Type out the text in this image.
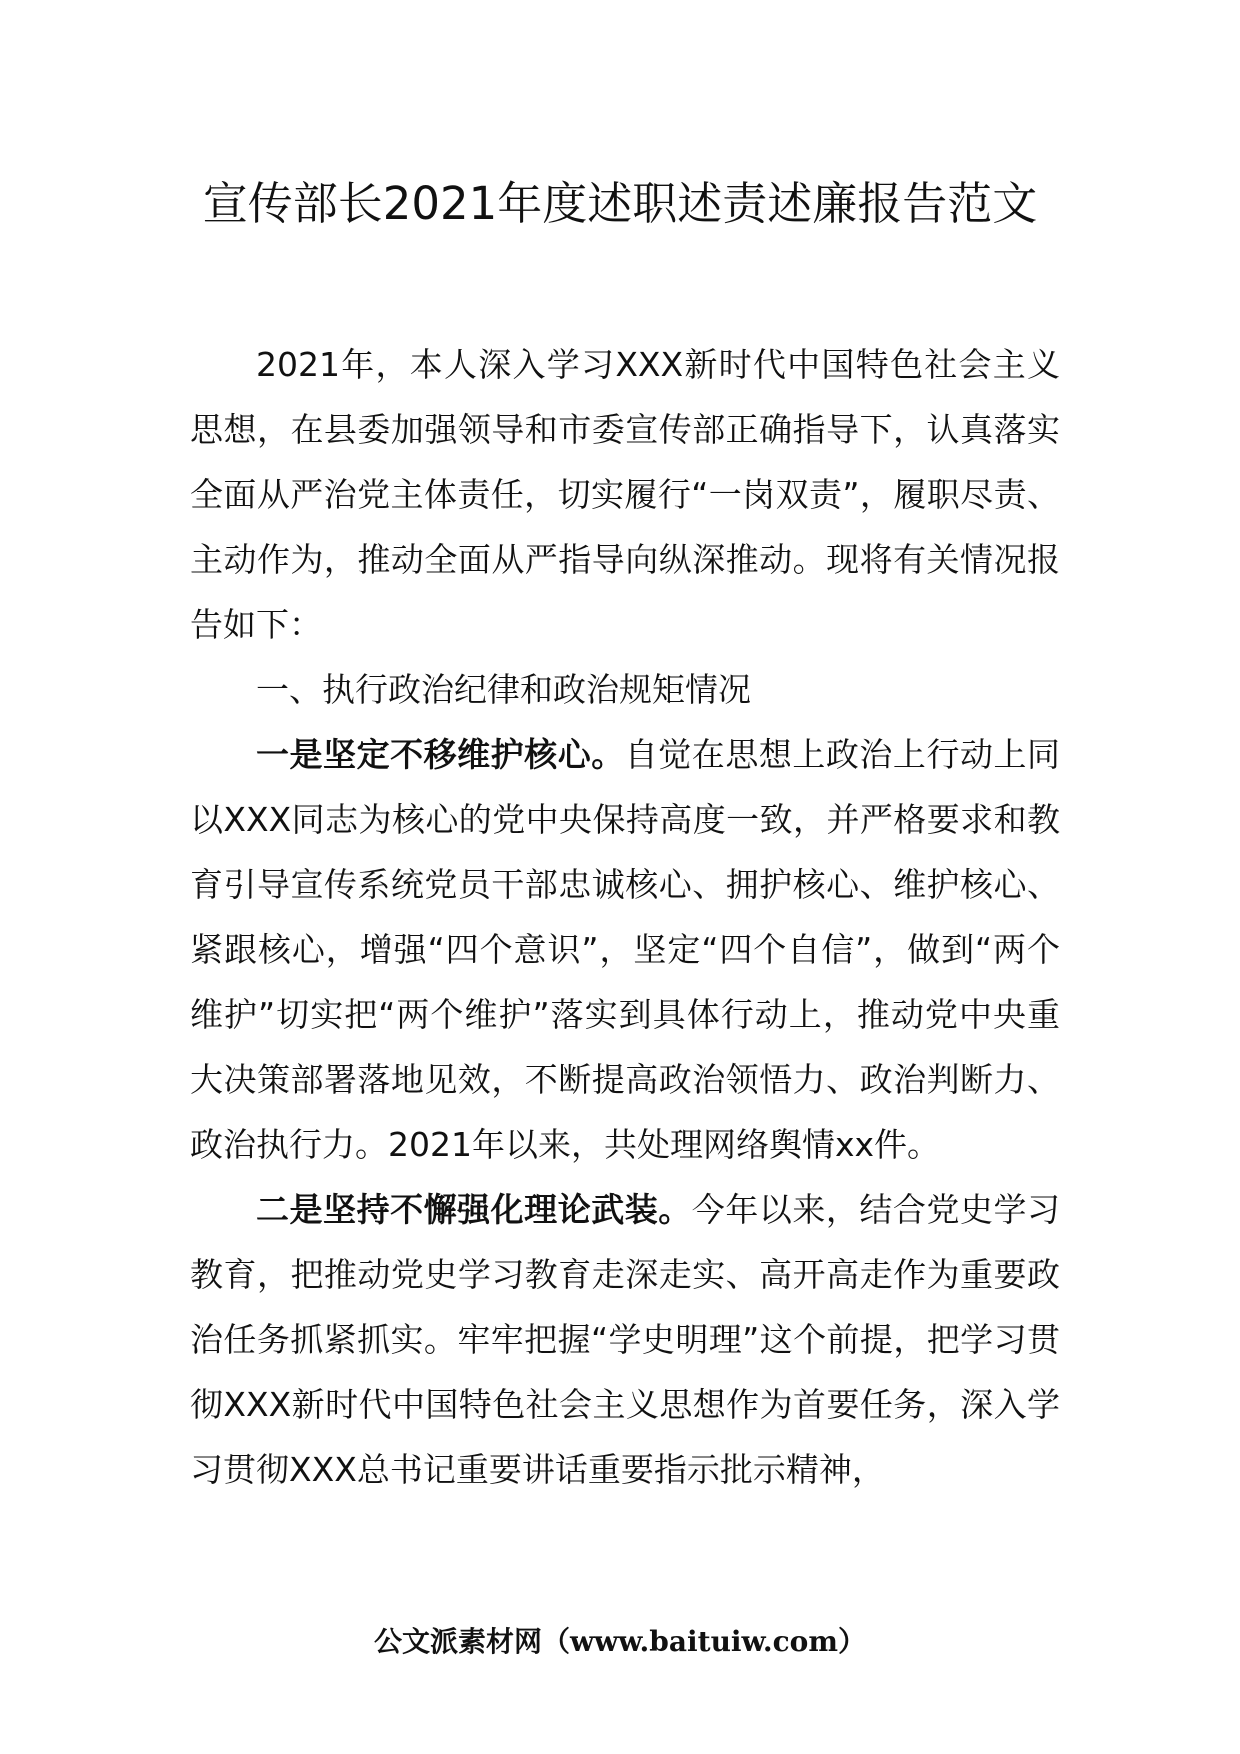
宣传部长2021年度述职述责述廉报告范文

2021年，本人深入学习XXX新时代中国特色社会主义思想，在县委加强领导和市委宣传部正确指导下，认真落实全面从严治党主体责任，切实履行“一岗双责”，履职尽责、主动作为，推动全面从严指导向纵深推动。现将有关情况报告如下：

一、执行政治纪律和政治规矩情况

一是坚定不移维护核心。自觉在思想上政治上行动上同以XXX同志为核心的党中央保持高度一致，并严格要求和教育引导宣传系统党员干部忠诚核心、拥护核心、维护核心、紧跟核心，增强“四个意识”，坚定“四个自信”，做到“两个维护”切实把“两个维护”落实到具体行动上，推动党中央重大决策部署落地见效，不断提高政治领悟力、政治判断力、政治执行力。2021年以来，共处理网络舆情xx件。

二是坚持不懈强化理论武装。今年以来，结合党史学习教育，把推动党史学习教育走深走实、高开高走作为重要政治任务抓紧抓实。牢牢把握“学史明理”这个前提，把学习贯彻XXX新时代中国特色社会主义思想作为首要任务，深入学习贯彻XXX总书记重要讲话重要指示批示精神，

公文派素材网（www.baituiw.com）
